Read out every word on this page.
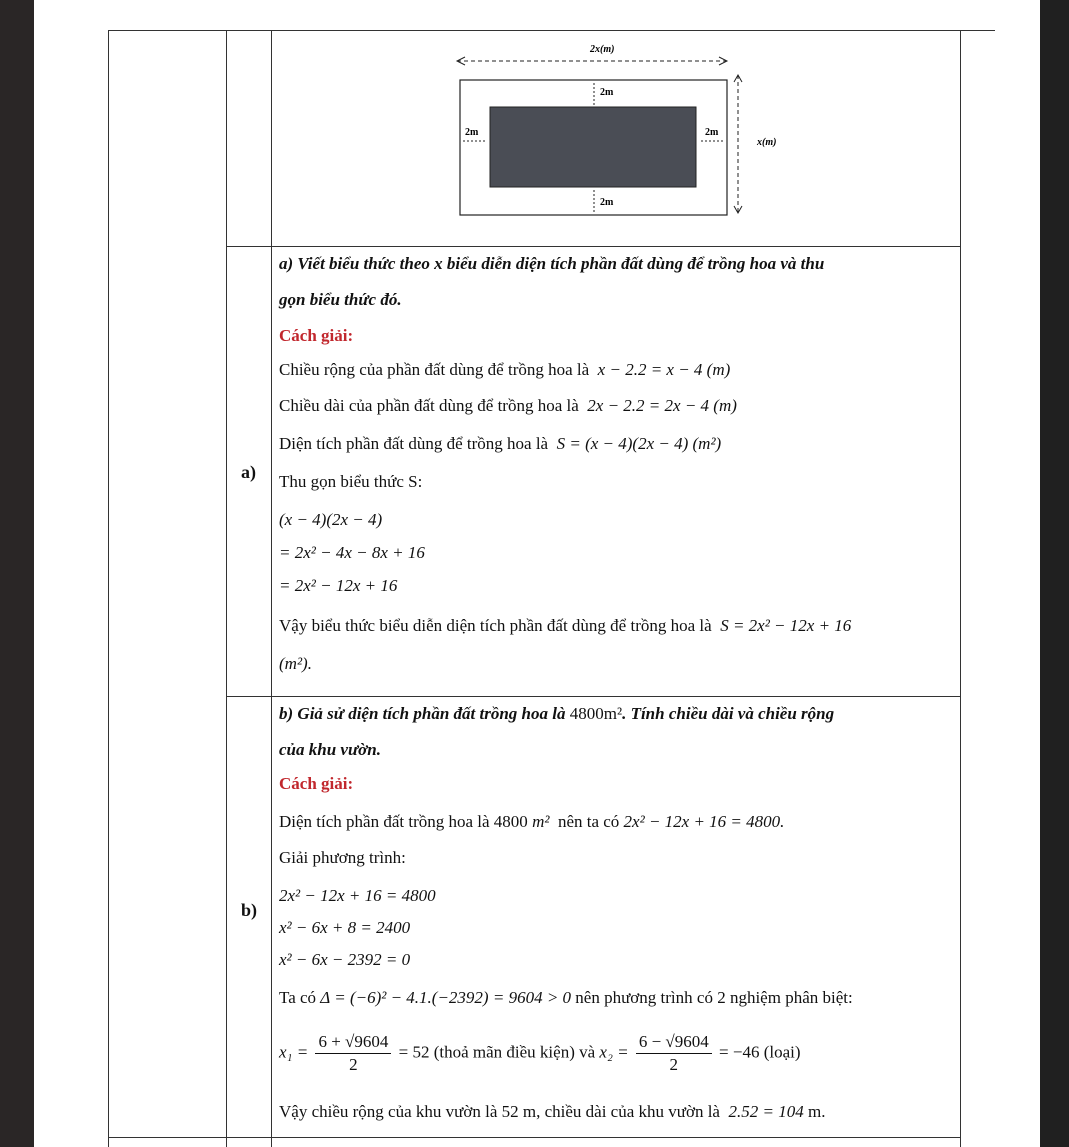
2x(m)
x(m)
2m
2m
2m	2m
a)
a) Viết biểu thức theo x biểu diễn diện tích phần đất dùng để trồng hoa và thu
gọn biểu thức đó.
Cách giải:
Chiều rộng của phần đất dùng để trồng hoa là x − 2.2 = x − 4 (m)
Chiều dài của phần đất dùng để trồng hoa là 2x − 2.2 = 2x − 4 (m)
Diện tích phần đất dùng để trồng hoa là S = (x − 4)(2x − 4) (m²)
Thu gọn biểu thức S:
(x − 4)(2x − 4)
= 2x² − 4x − 8x + 16
= 2x² − 12x + 16
Vậy biểu thức biểu diễn diện tích phần đất dùng để trồng hoa là S = 2x² − 12x + 16
(m²).
b)
b) Giả sử diện tích phần đất trồng hoa là 4800m². Tính chiều dài và chiều rộng
của khu vườn.
Cách giải:
Diện tích phần đất trồng hoa là 4800 m² nên ta có 2x² − 12x + 16 = 4800.
Giải phương trình:
2x² − 12x + 16 = 4800
x² − 6x + 8 = 2400
x² − 6x − 2392 = 0
Ta có Δ = (−6)² − 4.1.(−2392) = 9604 > 0 nên phương trình có 2 nghiệm phân biệt:
$x_1 = \frac{6 + √9604}{2} = 52$ (thoả mãn điều kiện) và $x_2 = \frac{6 - √9604}{2} = -46$ (loại)
Vậy chiều rộng của khu vườn là 52 m, chiều dài của khu vườn là 2.52 = 104 m.
